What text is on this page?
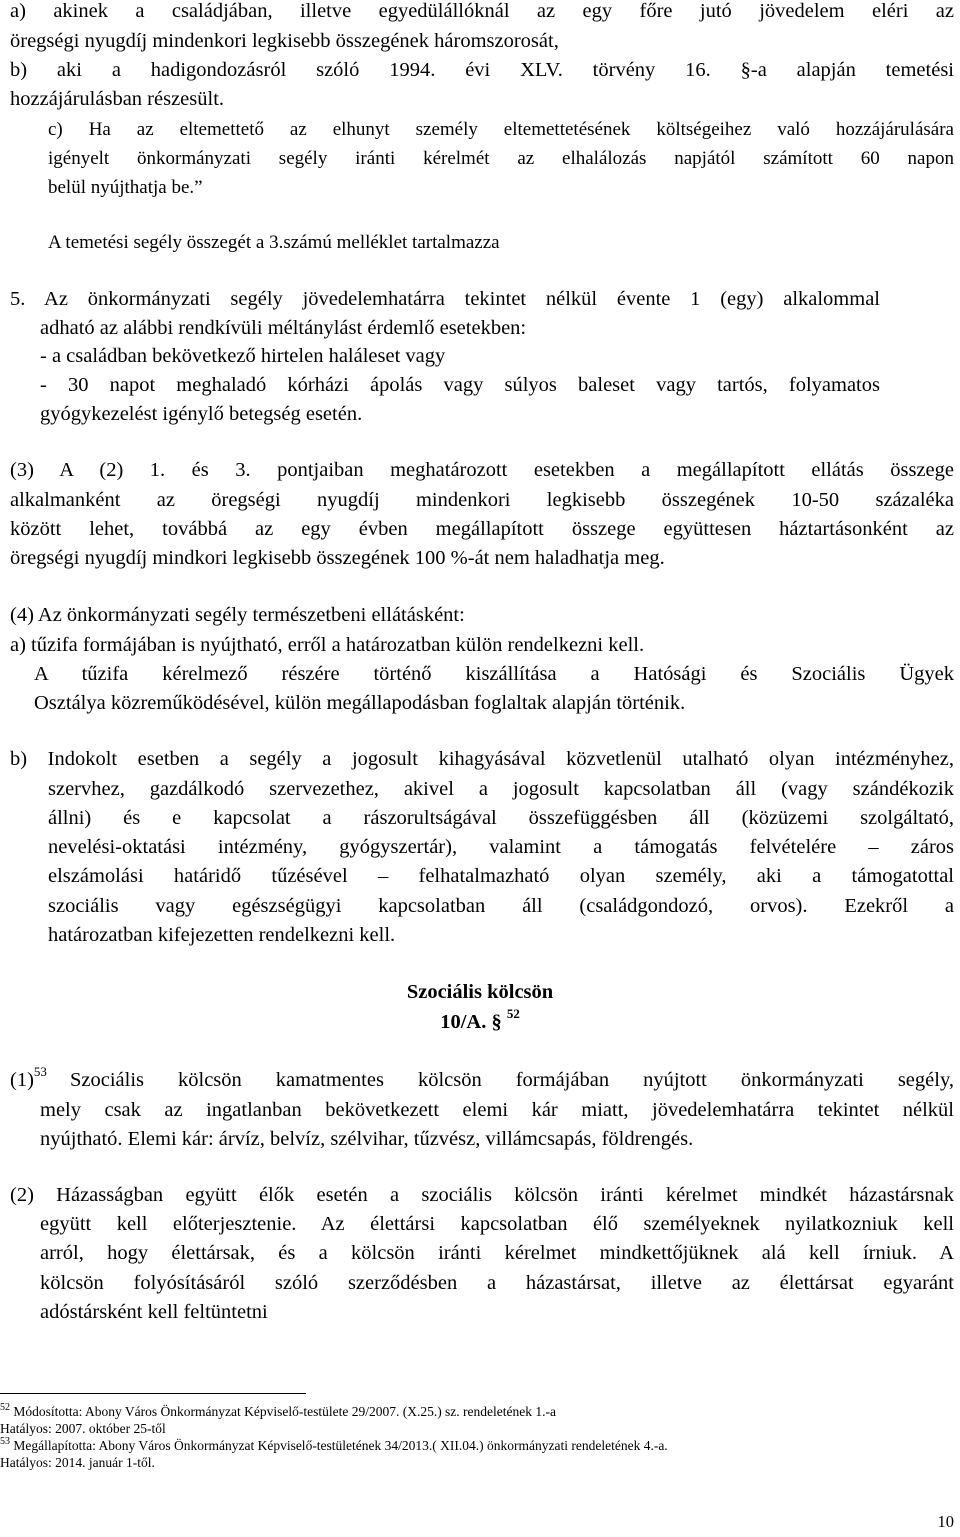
a) akinek a családjában, illetve egyedülállóknál az egy főre jutó jövedelem eléri az

öregségi nyugdíj mindenkori legkisebb összegének háromszorosát,

b) aki a hadigondozásról szóló 1994. évi XLV. törvény 16. §-a alapján temetési

hozzájárulásban részesült.

c) Ha az eltemettető az elhunyt személy eltemettetésének költségeihez való hozzájárulására

igényelt önkormányzati segély iránti kérelmét az elhalálozás napjától számított 60 napon

belül nyújthatja be.”

A temetési segély összegét a 3.számú melléklet tartalmazza

5. Az önkormányzati segély jövedelemhatárra tekintet nélkül évente 1 (egy) alkalommal

adható az alábbi rendkívüli méltánylást érdemlő esetekben:

- a családban bekövetkező hirtelen haláleset vagy

- 30 napot meghaladó kórházi ápolás vagy súlyos baleset vagy tartós, folyamatos

gyógykezelést igénylő betegség esetén.

(3) A (2) 1. és 3. pontjaiban meghatározott esetekben a megállapított ellátás összege

alkalmanként az öregségi nyugdíj mindenkori legkisebb összegének 10-50 százaléka

között lehet, továbbá az egy évben megállapított összege együttesen háztartásonként az

öregségi nyugdíj mindkori legkisebb összegének 100 %-át nem haladhatja meg.

(4) Az önkormányzati segély természetbeni ellátásként:

a) tűzifa formájában is nyújtható, erről a határozatban külön rendelkezni kell.

A tűzifa kérelmező részére történő kiszállítása a Hatósági és Szociális Ügyek

Osztálya közreműködésével, külön megállapodásban foglaltak alapján történik.

b) Indokolt esetben a segély a jogosult kihagyásával közvetlenül utalható olyan intézményhez,

szervhez, gazdálkodó szervezethez, akivel a jogosult kapcsolatban áll (vagy szándékozik

állni) és e kapcsolat a rászorultságával összefüggésben áll (közüzemi szolgáltató,

nevelési-oktatási intézmény, gyógyszertár), valamint a támogatás felvételére – záros

elszámolási határidő tűzésével – felhatalmazható olyan személy, aki a támogatottal

szociális vagy egészségügyi kapcsolatban áll (családgondozó, orvos). Ezekről a

határozatban kifejezetten rendelkezni kell.

Szociális kölcsön

10/A. § $^{52}$

$(1)^{53}$ Szociális kölcsön kamatmentes kölcsön formájában nyújtott önkormányzati segély,

mely csak az ingatlanban bekövetkezett elemi kár miatt, jövedelemhatárra tekintet nélkül

nyújtható. Elemi kár: árvíz, belvíz, szélvihar, tűzvész, villámcsapás, földrengés.

(2) Házasságban együtt élők esetén a szociális kölcsön iránti kérelmet mindkét házastársnak

együtt kell előterjesztenie. Az élettársi kapcsolatban élő személyeknek nyilatkozniuk kell

arról, hogy élettársak, és a kölcsön iránti kérelmet mindkettőjüknek alá kell írniuk. A

kölcsön folyósításáról szóló szerződésben a házastársat, illetve az élettársat egyaránt

adóstársként kell feltüntetni

$^{52}$ Módosította: Abony Város Önkormányzat Képviselő-testülete 29/2007. (X.25.) sz. rendeletének 1.-a

Hatályos: 2007. október 25-től

$^{53}$ Megállapította: Abony Város Önkormányzat Képviselő-testületének 34/2013.( XII.04.) önkormányzati rendeletének 4.-a.

Hatályos: 2014. január 1-től.

10
